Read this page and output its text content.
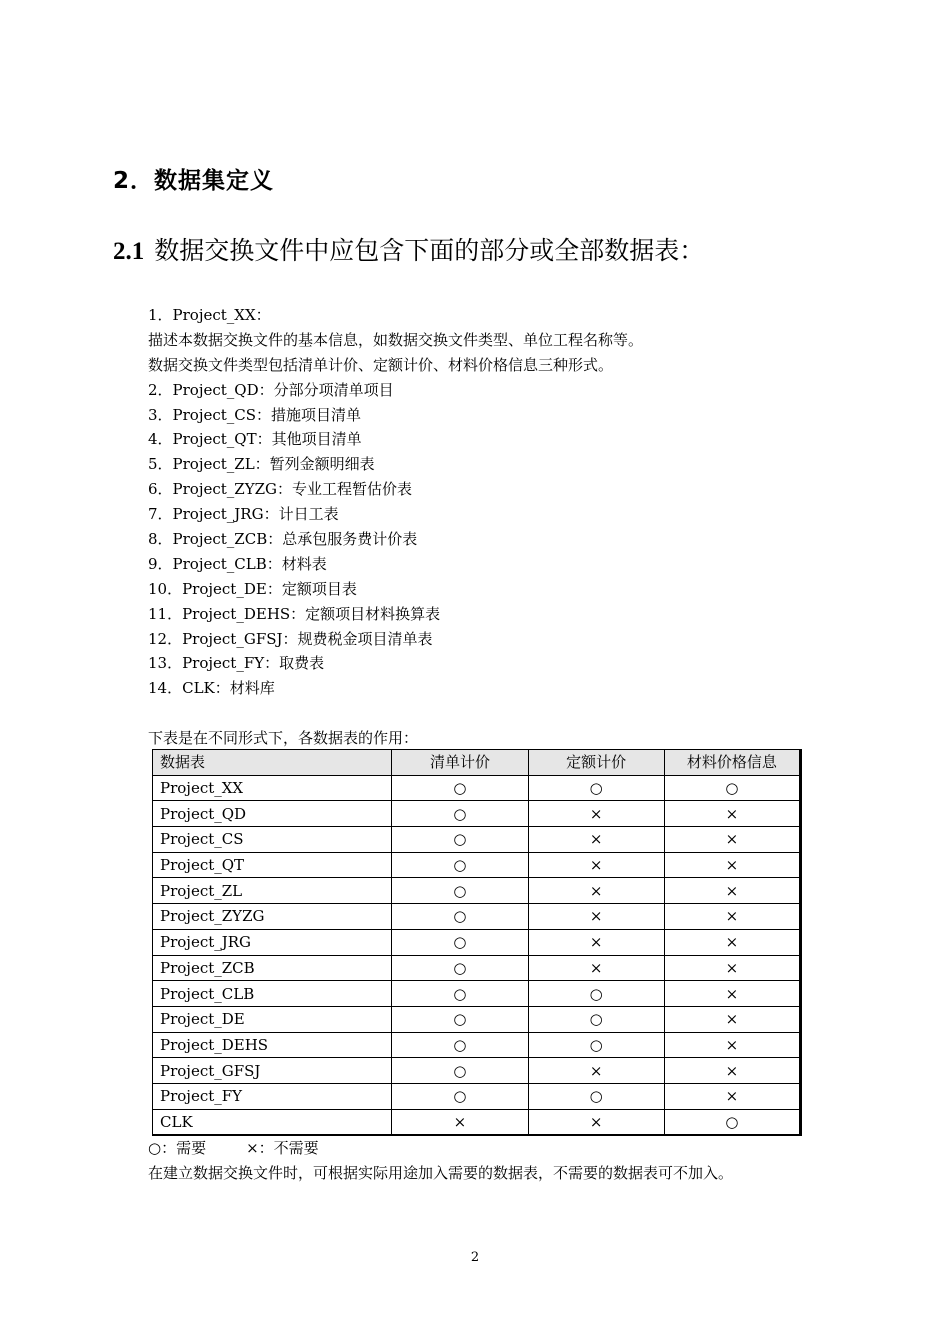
2．数据集定义
2.1 数据交换文件中应包含下面的部分或全部数据表：
1．Project_XX：
描述本数据交换文件的基本信息，如数据交换文件类型、单位工程名称等。
数据交换文件类型包括清单计价、定额计价、材料价格信息三种形式。
2．Project_QD：分部分项清单项目
3．Project_CS：措施项目清单
4．Project_QT：其他项目清单
5．Project_ZL：暂列金额明细表
6．Project_ZYZG：专业工程暂估价表
7．Project_JRG：计日工表
8．Project_ZCB：总承包服务费计价表
9．Project_CLB：材料表
10．Project_DE：定额项目表
11．Project_DEHS：定额项目材料换算表
12．Project_GFSJ：规费税金项目清单表
13．Project_FY：取费表
14．CLK：材料库
下表是在不同形式下，各数据表的作用：
数据表	清单计价	定额计价	材料价格信息
Project_XX	○	○	○
Project_QD	○	×	×
Project_CS	○	×	×
Project_QT	○	×	×
Project_ZL	○	×	×
Project_ZYZG	○	×	×
Project_JRG	○	×	×
Project_ZCB	○	×	×
Project_CLB	○	○	×
Project_DE	○	○	×
Project_DEHS	○	○	×
Project_GFSJ	○	×	×
Project_FY	○	○	×
CLK	×	×	○
○：需要	×：不需要
在建立数据交换文件时，可根据实际用途加入需要的数据表，不需要的数据表可不加入。
2
